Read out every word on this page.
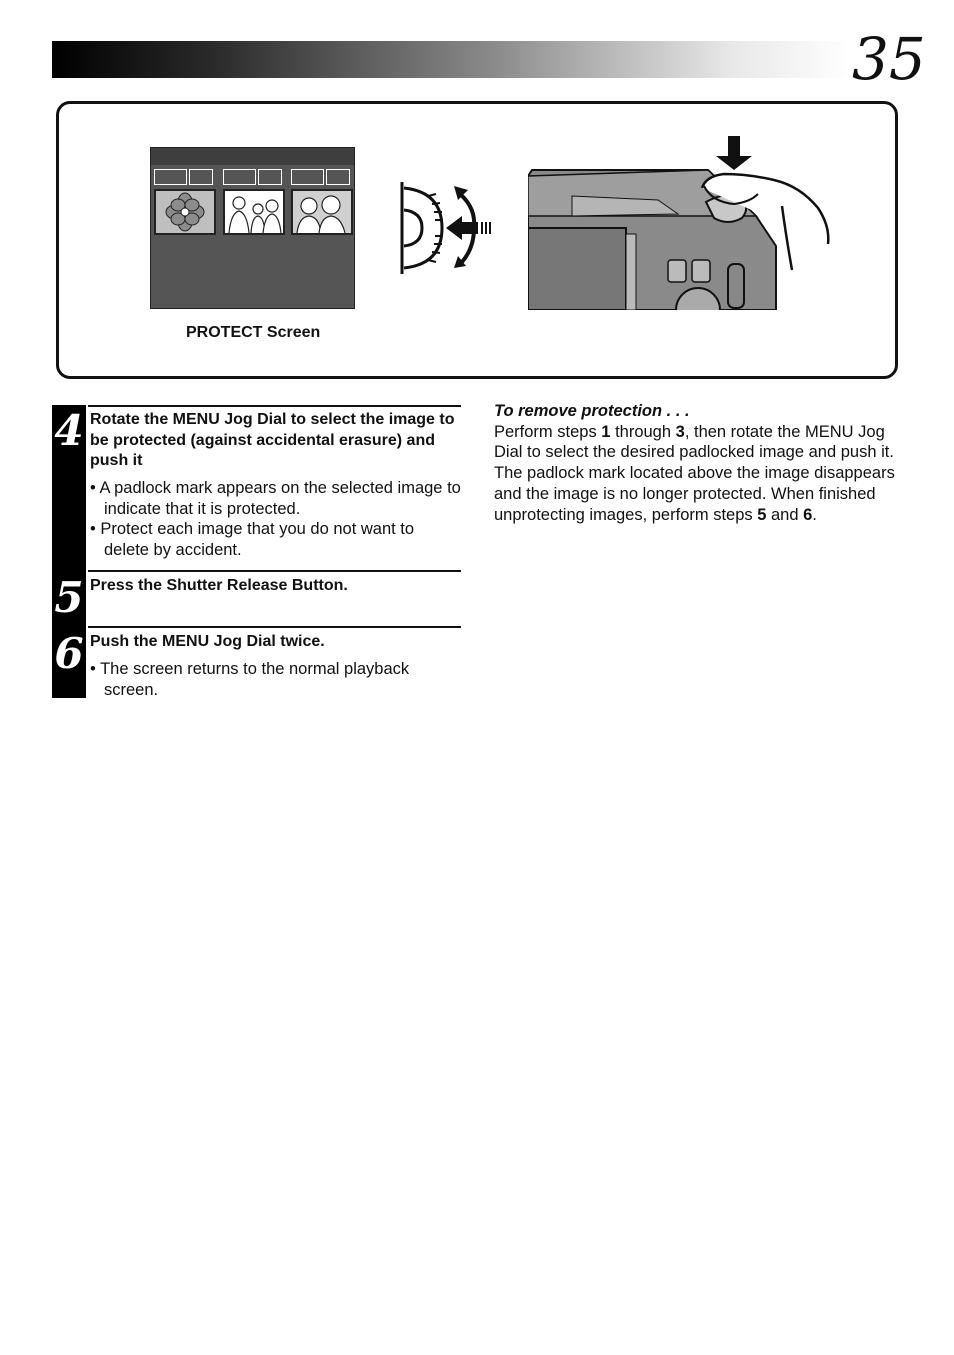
35
PROTECT Screen
4 Rotate the MENU Jog Dial to select the image to be protected (against accidental erasure) and push it
• A padlock mark appears on the selected image to indicate that it is protected.
• Protect each image that you do not want to delete by accident.
5 Press the Shutter Release Button.
6 Push the MENU Jog Dial twice.
• The screen returns to the normal playback screen.
To remove protection . . .
Perform steps 1 through 3, then rotate the MENU Jog Dial to select the desired padlocked image and push it. The padlock mark located above the image disappears and the image is no longer protected. When finished unprotecting images, perform steps 5 and 6.
